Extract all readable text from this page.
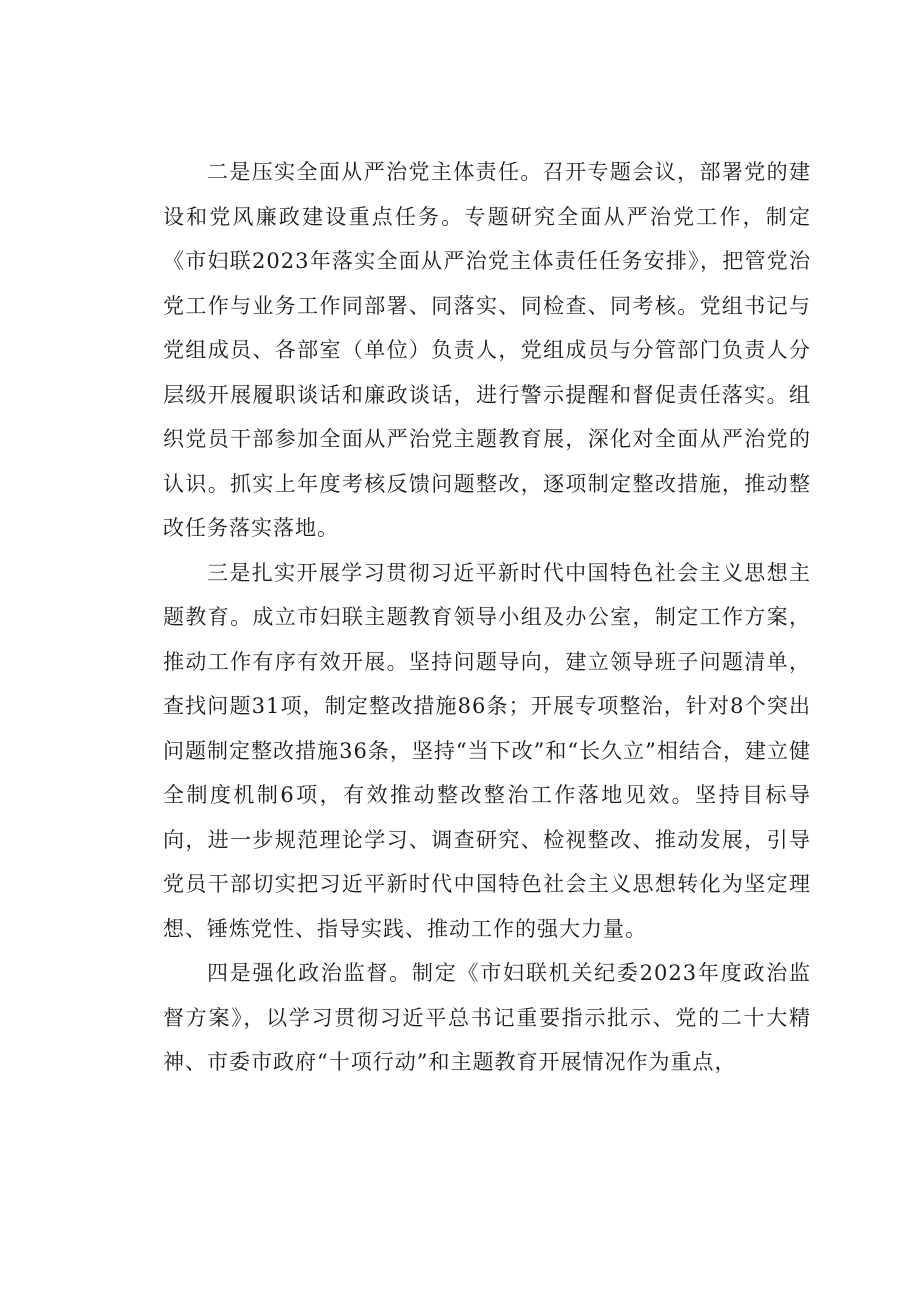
二是压实全面从严治党主体责任。召开专题会议，部署党的建设和党风廉政建设重点任务。专题研究全面从严治党工作，制定《市妇联2023年落实全面从严治党主体责任任务安排》，把管党治党工作与业务工作同部署、同落实、同检查、同考核。党组书记与党组成员、各部室（单位）负责人，党组成员与分管部门负责人分层级开展履职谈话和廉政谈话，进行警示提醒和督促责任落实。组织党员干部参加全面从严治党主题教育展，深化对全面从严治党的认识。抓实上年度考核反馈问题整改，逐项制定整改措施，推动整改任务落实落地。

三是扎实开展学习贯彻习近平新时代中国特色社会主义思想主题教育。成立市妇联主题教育领导小组及办公室，制定工作方案，推动工作有序有效开展。坚持问题导向，建立领导班子问题清单，查找问题31项，制定整改措施86条；开展专项整治，针对8个突出问题制定整改措施36条，坚持“当下改”和“长久立”相结合，建立健全制度机制6项，有效推动整改整治工作落地见效。坚持目标导向，进一步规范理论学习、调查研究、检视整改、推动发展，引导党员干部切实把习近平新时代中国特色社会主义思想转化为坚定理想、锤炼党性、指导实践、推动工作的强大力量。

四是强化政治监督。制定《市妇联机关纪委2023年度政治监督方案》，以学习贯彻习近平总书记重要指示批示、党的二十大精神、市委市政府“十项行动”和主题教育开展情况作为重点，
